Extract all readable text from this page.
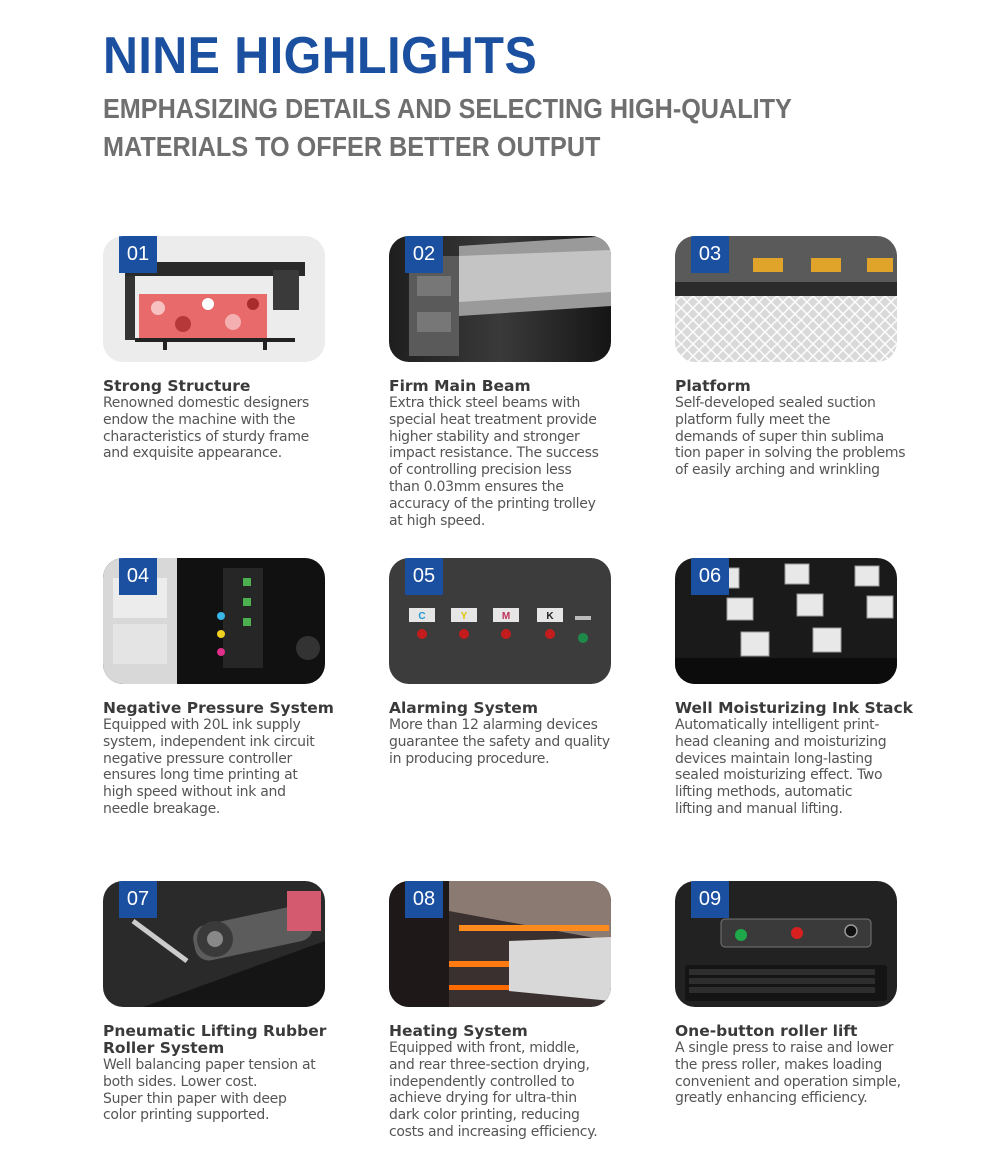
NINE HIGHLIGHTS
EMPHASIZING DETAILS AND SELECTING HIGH-QUALITY MATERIALS TO OFFER BETTER OUTPUT
01
Strong Structure
Renowned domestic designers
endow the machine with the
characteristics of sturdy frame
and exquisite appearance.
02
Firm Main Beam
Extra thick steel beams with
special heat treatment provide
higher stability and stronger
impact resistance. The success
of controlling precision less
than 0.03mm ensures the
accuracy of the printing trolley
at high speed.
03
Platform
Self-developed sealed suction
platform fully meet the
demands of super thin sublima
tion paper in solving the problems
of easily arching and wrinkling
04
Negative Pressure System
Equipped with 20L ink supply
system, independent ink circuit
negative pressure controller
ensures long time printing at
high speed without ink and
needle breakage.
C	Y	M	K
05
Alarming System
More than 12 alarming devices
guarantee the safety and quality
in producing procedure.
06
Well Moisturizing Ink Stack
Automatically intelligent print-
head cleaning and moisturizing
devices maintain long-lasting
sealed moisturizing effect. Two
lifting methods, automatic
lifting and manual lifting.
07
Pneumatic Lifting Rubber Roller System
Well balancing paper tension at
both sides. Lower cost.
Super thin paper with deep
color printing supported.
08
Heating System
Equipped with front, middle,
and rear three-section drying,
independently controlled to
achieve drying for ultra-thin
dark color printing, reducing
costs and increasing efficiency.
09
One-button roller lift
A single press to raise and lower
the press roller, makes loading
convenient and operation simple,
greatly enhancing efficiency.
